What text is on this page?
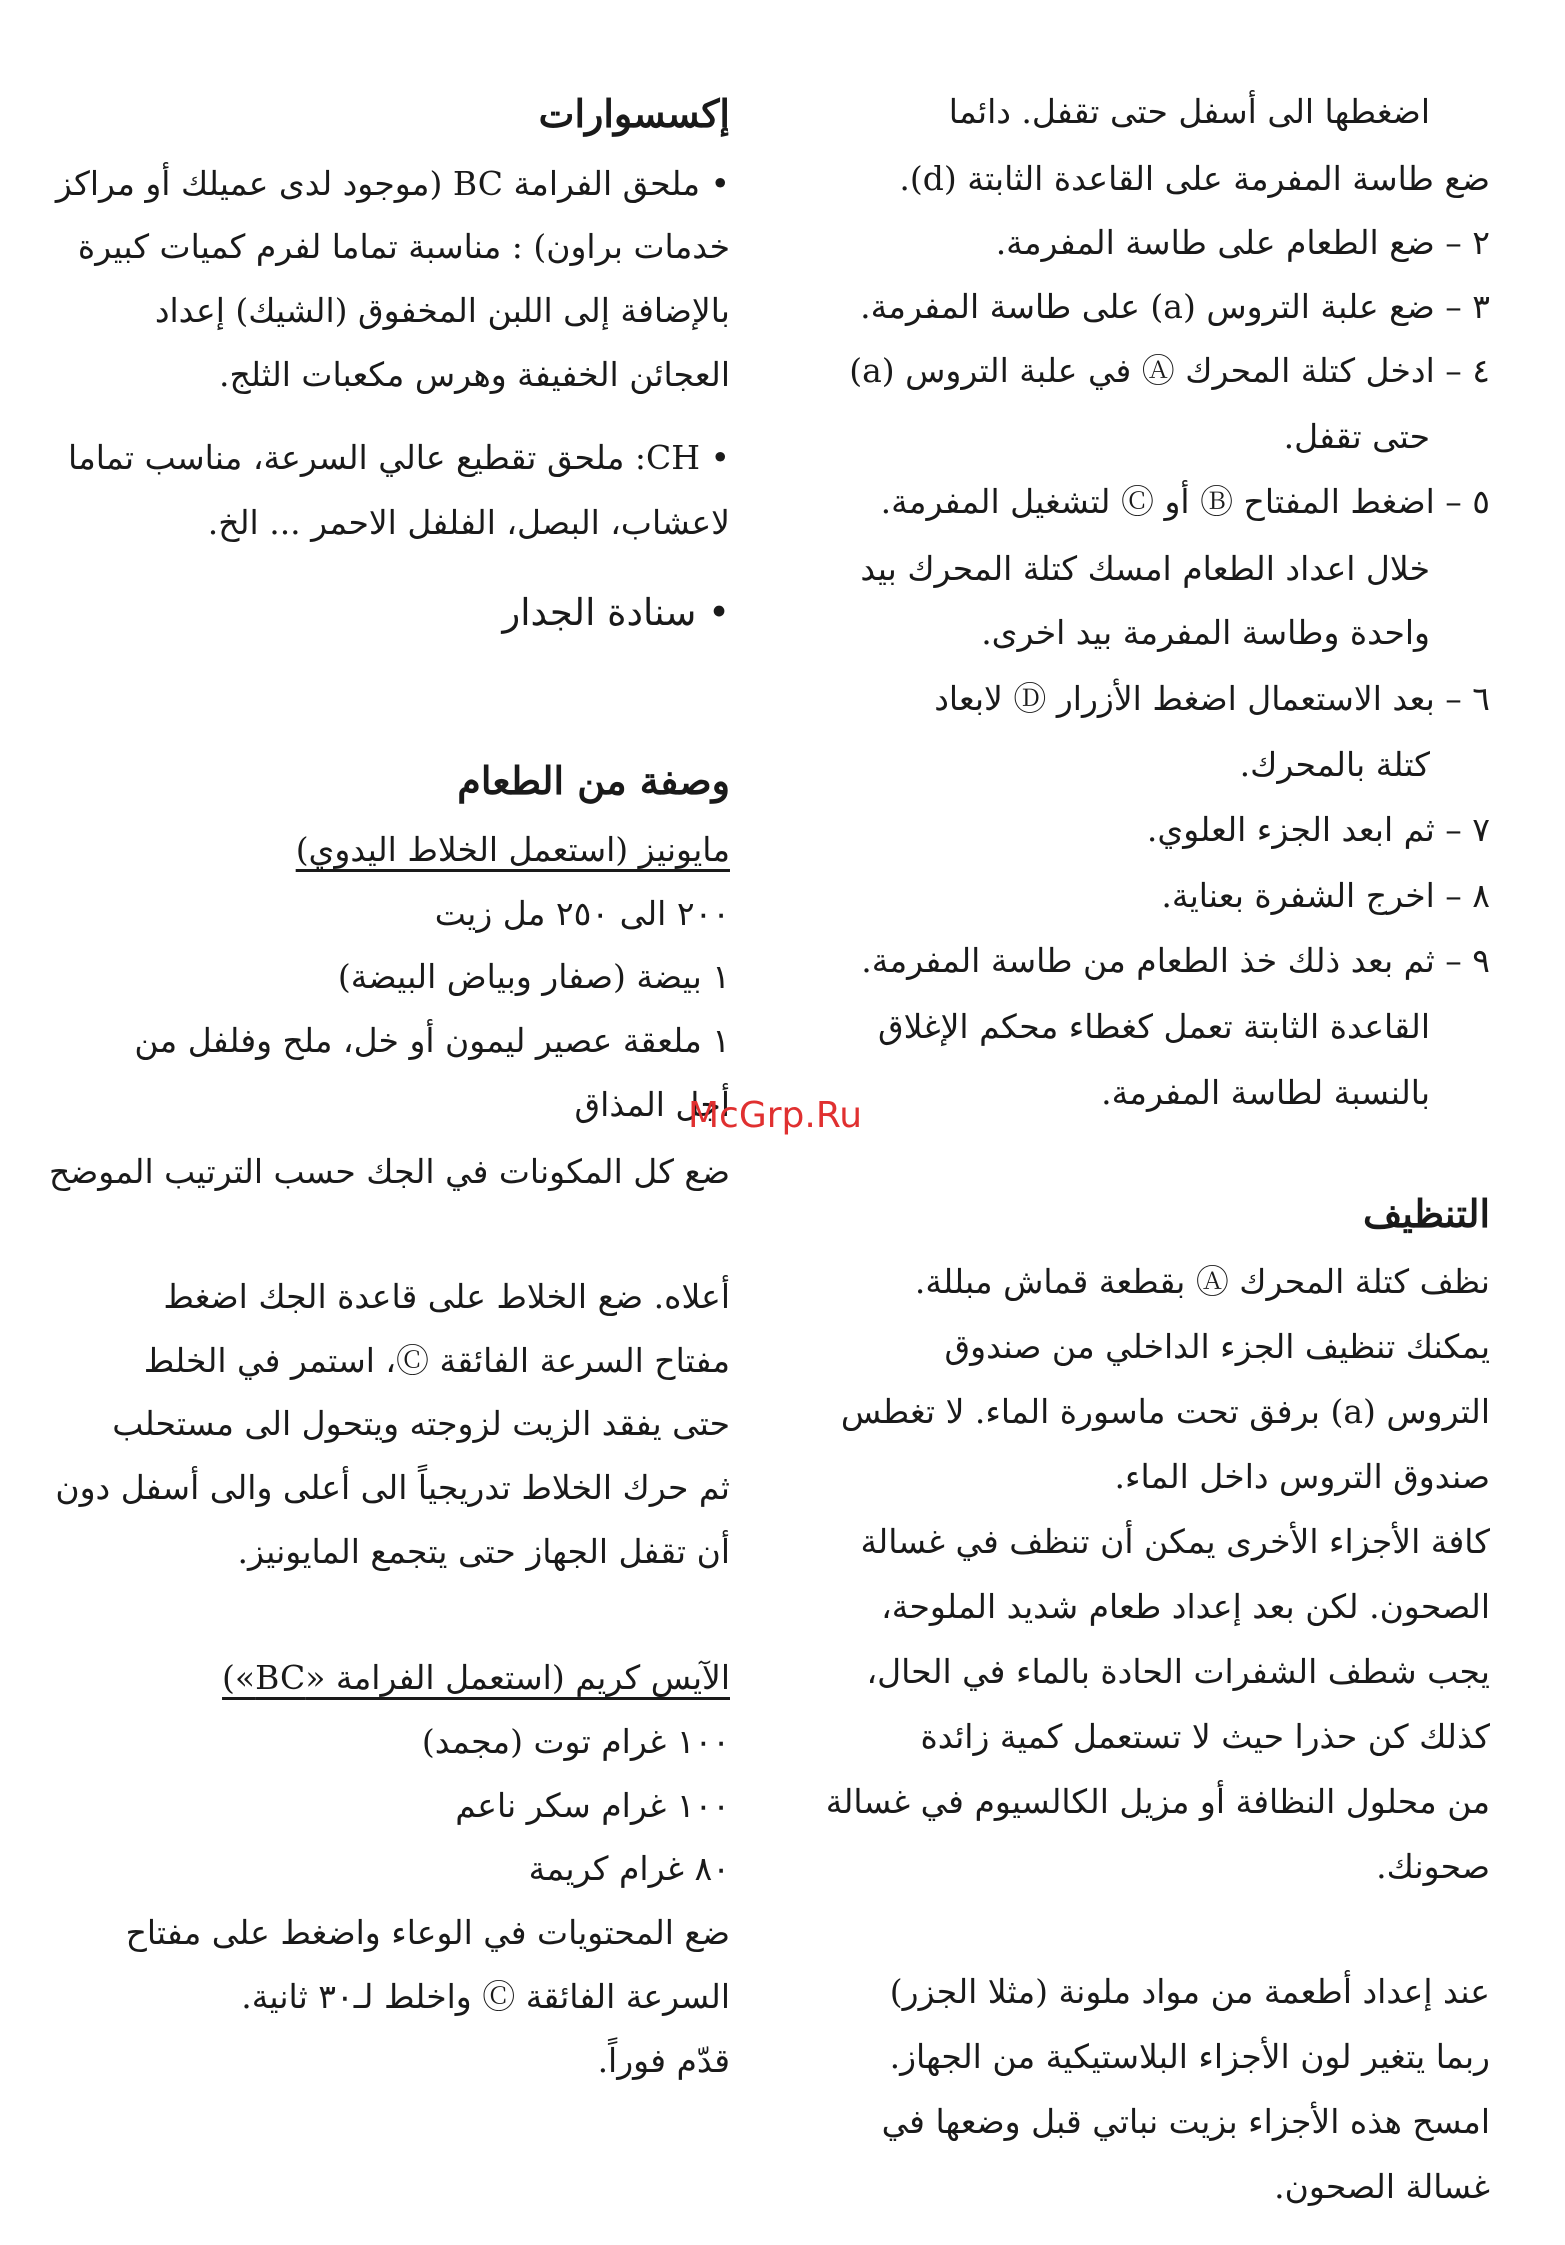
إكسسوارات
• ملحق الفرامة BC (موجود لدى عميلك أو مراكز
خدمات براون) : مناسبة تماما لفرم كميات كبيرة
بالإضافة إلى اللبن المخفوق (الشيك) إعداد
العجائن الخفيفة وهرس مكعبات الثلج.
• CH: ملحق تقطيع عالي السرعة، مناسب تماما
لاعشاب، البصل، الفلفل الاحمر ... الخ.
• سنادة الجدار
وصفة من الطعام
مايونيز (استعمل الخلاط اليدوي)
٢٠٠ الى ٢٥٠ مل زيت
١ بيضة (صفار وبياض البيضة)
١ ملعقة عصير ليمون أو خل، ملح وفلفل من
أجل المذاق
ضع كل المكونات في الجك حسب الترتيب الموضح
أعلاه. ضع الخلاط على قاعدة الجك اضغط
مفتاح السرعة الفائقة Ⓒ، استمر في الخلط
حتى يفقد الزيت لزوجته ويتحول الى مستحلب
ثم حرك الخلاط تدريجياً الى أعلى والى أسفل دون
أن تقفل الجهاز حتى يتجمع المايونيز.
الآيس كريم (استعمل الفرامة «BC»)
١٠٠ غرام توت (مجمد)
١٠٠ غرام سكر ناعم
٨٠ غرام كريمة
ضع المحتويات في الوعاء واضغط على مفتاح
السرعة الفائقة Ⓒ واخلط لـ٣٠ ثانية.
قدّم فوراً.
اضغطها الى أسفل حتى تقفل. دائما
ضع طاسة المفرمة على القاعدة الثابتة (d).
٢ – ضع الطعام على طاسة المفرمة.
٣ – ضع علبة التروس (a) على طاسة المفرمة.
٤ – ادخل كتلة المحرك Ⓐ في علبة التروس (a)
حتى تقفل.
٥ – اضغط المفتاح Ⓑ أو Ⓒ لتشغيل المفرمة.
خلال اعداد الطعام امسك كتلة المحرك بيد
واحدة وطاسة المفرمة بيد اخرى.
٦ – بعد الاستعمال اضغط الأزرار Ⓓ لابعاد
كتلة بالمحرك.
٧ – ثم ابعد الجزء العلوي.
٨ – اخرج الشفرة بعناية.
٩ – ثم بعد ذلك خذ الطعام من طاسة المفرمة.
القاعدة الثابتة تعمل كغطاء محكم الإغلاق
بالنسبة لطاسة المفرمة.
التنظيف
نظف كتلة المحرك Ⓐ بقطعة قماش مبللة.
يمكنك تنظيف الجزء الداخلي من صندوق
التروس (a) برفق تحت ماسورة الماء. لا تغطس
صندوق التروس داخل الماء.
كافة الأجزاء الأخرى يمكن أن تنظف في غسالة
الصحون. لكن بعد إعداد طعام شديد الملوحة،
يجب شطف الشفرات الحادة بالماء في الحال،
كذلك كن حذرا حيث لا تستعمل كمية زائدة
من محلول النظافة أو مزيل الكالسيوم في غسالة
صحونك.
عند إعداد أطعمة من مواد ملونة (مثلا الجزر)
ربما يتغير لون الأجزاء البلاستيكية من الجهاز.
امسح هذه الأجزاء بزيت نباتي قبل وضعها في
غسالة الصحون.
McGrp.Ru
